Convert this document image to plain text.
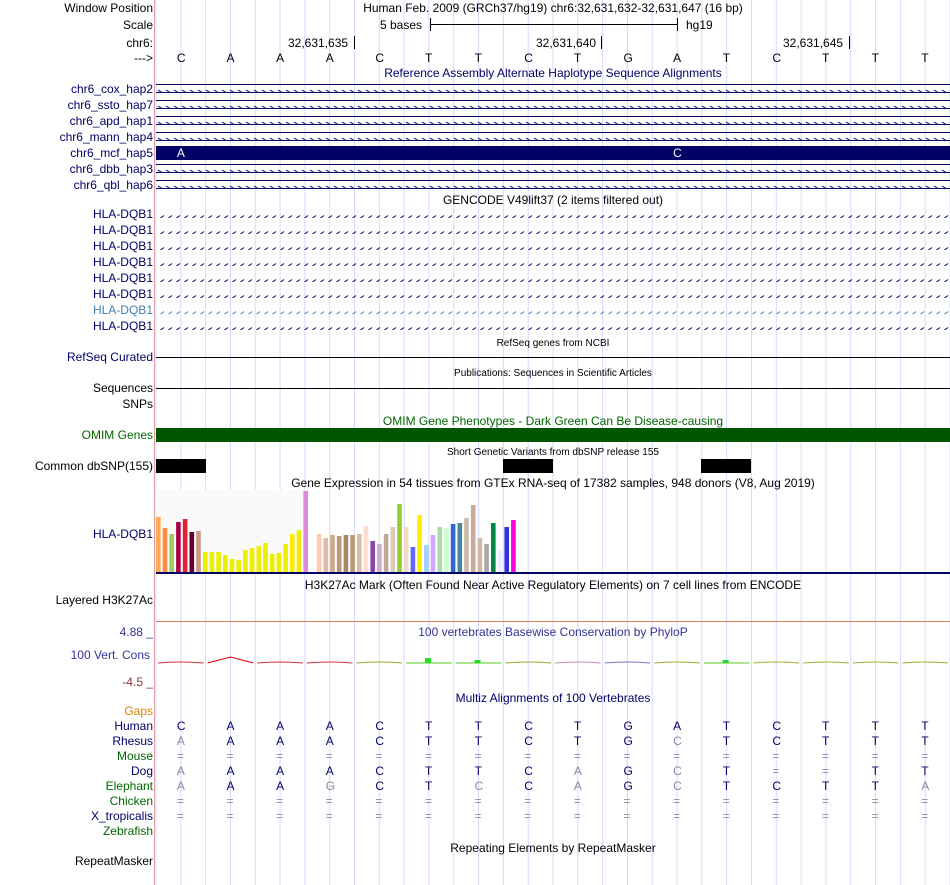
Window Position	Human Feb. 2009 (GRCh37/hg19) chr6:32,631,632-32,631,647 (16 bp)
Scale	5 bases	hg19
chr6:	32,631,635	32,631,640	32,631,645
---> C	A	A	A	C	T	T	C	T	G	A	T	C	T	T	T
Reference Assembly Alternate Haplotype Sequence Alignments
chr6_cox_hap2
chr6_ssto_hap7
chr6_apd_hap1
chr6_mann_hap4
chr6_mcf_hap5 A	C
chr6_dbb_hap3
chr6_qbl_hap6
GENCODE V49lift37 (2 items filtered out)
HLA-DQB1
HLA-DQB1
HLA-DQB1
HLA-DQB1
HLA-DQB1
HLA-DQB1
HLA-DQB1
HLA-DQB1
RefSeq genes from NCBI
RefSeq Curated
Publications: Sequences in Scientific Articles
Sequences
SNPs
OMIM Gene Phenotypes - Dark Green Can Be Disease-causing
OMIM Genes
Short Genetic Variants from dbSNP release 155
Common dbSNP(155)
Gene Expression in 54 tissues from GTEx RNA-seq of 17382 samples, 948 donors (V8, Aug 2019)
HLA-DQB1
H3K27Ac Mark (Often Found Near Active Regulatory Elements) on 7 cell lines from ENCODE
Layered H3K27Ac
100 vertebrates Basewise Conservation by PhyloP
4.88 _
100 Vert. Cons
-4.5 _
Multiz Alignments of 100 Vertebrates
Gaps
Human C	A	A	A	C	T	T	C	T	G	A	T	C	T	T	T
Rhesus A	A	A	A	C	T	T	C	T	G	C	T	C	T	T	T
Mouse =	=	=	=	=	=	=	=	=	=	=	=	=	=	=	=
Dog A	A	A	A	C	T	T	C	A	G	C	T	=	=	T	T
Elephant A	A	A	G	C	T	C	C	A	G	C	T	C	T	T	A
Chicken =	=	=	=	=	=	=	=	=	=	=	=	=	=	=	=
X_tropicalis =	=	=	=	=	=	=	=	=	=	=	=	=	=	=	=
Zebrafish
Repeating Elements by RepeatMasker
RepeatMasker
